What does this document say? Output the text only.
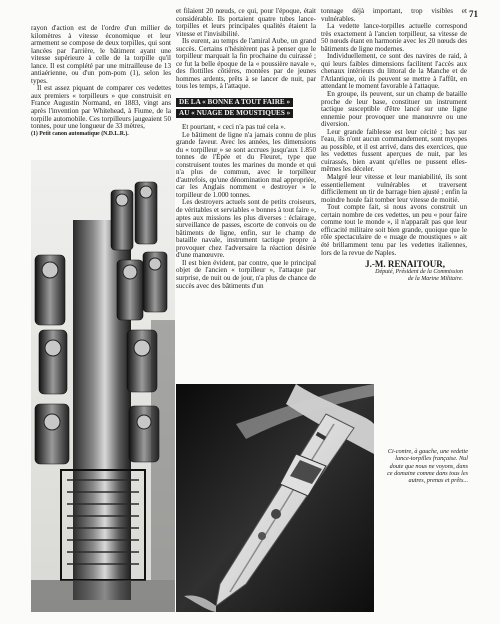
71

rayon d'action est de l'ordre d'un millier de kilomètres à vitesse économique et leur armement se compose de deux torpilles, qui sont lancées par l'arrière, le bâtiment ayant une vitesse supérieure à celle de la torpille qu'il lance. Il est complété par une mitrailleuse de 13 antiaérienne, ou d'un pom-pom (1), selon les types.

Il est assez piquant de comparer ces vedettes aux premiers « torpilleurs » que construisit en France Augustin Normand, en 1883, vingt ans après l'invention par Whitehead, à Fiume, de la torpille automobile. Ces torpilleurs jaugeaient 50 tonnes, pour une longueur de 33 mètres,

(1) Petit canon automatique (N.D.L.R.).

et filaient 20 nœuds, ce qui, pour l'époque, était considérable. Ils portaient quatre tubes lance-torpilles et leurs principales qualités étaient la vitesse et l'invisibilité.

Ils eurent, au temps de l'amiral Aube, un grand succès. Certains n'hésitèrent pas à penser que le torpilleur marquait la fin prochaine du cuirassé ; ce fut la belle époque de la « poussière navale », des flottilles côtières, montées par de jeunes hommes ardents, prêts à se lancer de nuit, par tous les temps, à l'attaque.

DE LA « BONNE A TOUT FAIRE »
AU « NUAGE DE MOUSTIQUES »

Et pourtant, « ceci n'a pas tué cela ».

Le bâtiment de ligne n'a jamais connu de plus grande faveur. Avec les années, les dimensions du « torpilleur » se sont accrues jusqu'aux 1.850 tonnes de l'Épée et du Fleuret, type que construisent toutes les marines du monde et qui n'a plus de commun, avec le torpilleur d'autrefois, qu'une dénomination mal appropriée, car les Anglais nomment « destroyer » le torpilleur de 1.000 tonnes.

Les destroyers actuels sont de petits croiseurs, de véritables et serviables « bonnes à tout faire », aptes aux missions les plus diverses : éclairage, surveillance de passes, escorte de convois ou de bâtiments de ligne, enfin, sur le champ de bataille navale, instrument tactique propre à provoquer chez l'adversaire la réaction désirée d'une manœuvre.

Il est bien évident, par contre, que le principal objet de l'ancien « torpilleur », l'attaque par surprise, de nuit ou de jour, n'a plus de chance de succès avec des bâtiments d'un

tonnage déjà important, trop visibles et vulnérables.

La vedette lance-torpilles actuelle correspond très exactement à l'ancien torpilleur, sa vitesse de 50 nœuds étant en harmonie avec les 20 nœuds des bâtiments de ligne modernes.

Individuellement, ce sont des navires de raid, à qui leurs faibles dimensions facilitent l'accès aux chenaux intérieurs du littoral de la Manche et de l'Atlantique, où ils peuvent se mettre à l'affût, en attendant le moment favorable à l'attaque.

En groupe, ils peuvent, sur un champ de bataille proche de leur base, constituer un instrument tactique susceptible d'être lancé sur une ligne ennemie pour provoquer une manœuvre ou une diversion.

Leur grande faiblesse est leur cécité ; bas sur l'eau, ils n'ont aucun commandement, sont myopes au possible, et il est arrivé, dans des exercices, que les vedettes fussent aperçues de nuit, par les cuirassés, bien avant qu'elles ne pussent elles-mêmes les déceler.

Malgré leur vitesse et leur maniabilité, ils sont essentiellement vulnérables et traversent difficilement un tir de barrage bien ajusté ; enfin la moindre houle fait tomber leur vitesse de moitié.

Tout compte fait, si nous avons construit un certain nombre de ces vedettes, un peu « pour faire comme tout le monde », il n'apparaît pas que leur efficacité militaire soit bien grande, quoique que le rôle spectaculaire de « nuage de moustiques » ait été brillamment tenu par les vedettes italiennes, lors de la revue de Naples.

J.-M. RENAITOUR,
Député, Président de la Commission
de la Marine Militaire.
Ci-contre, à gauche, une vedette lance-torpilles française. Nul doute que nous ne voyons, dans ce domaine comme dans tous les autres, prenas et prêts...
